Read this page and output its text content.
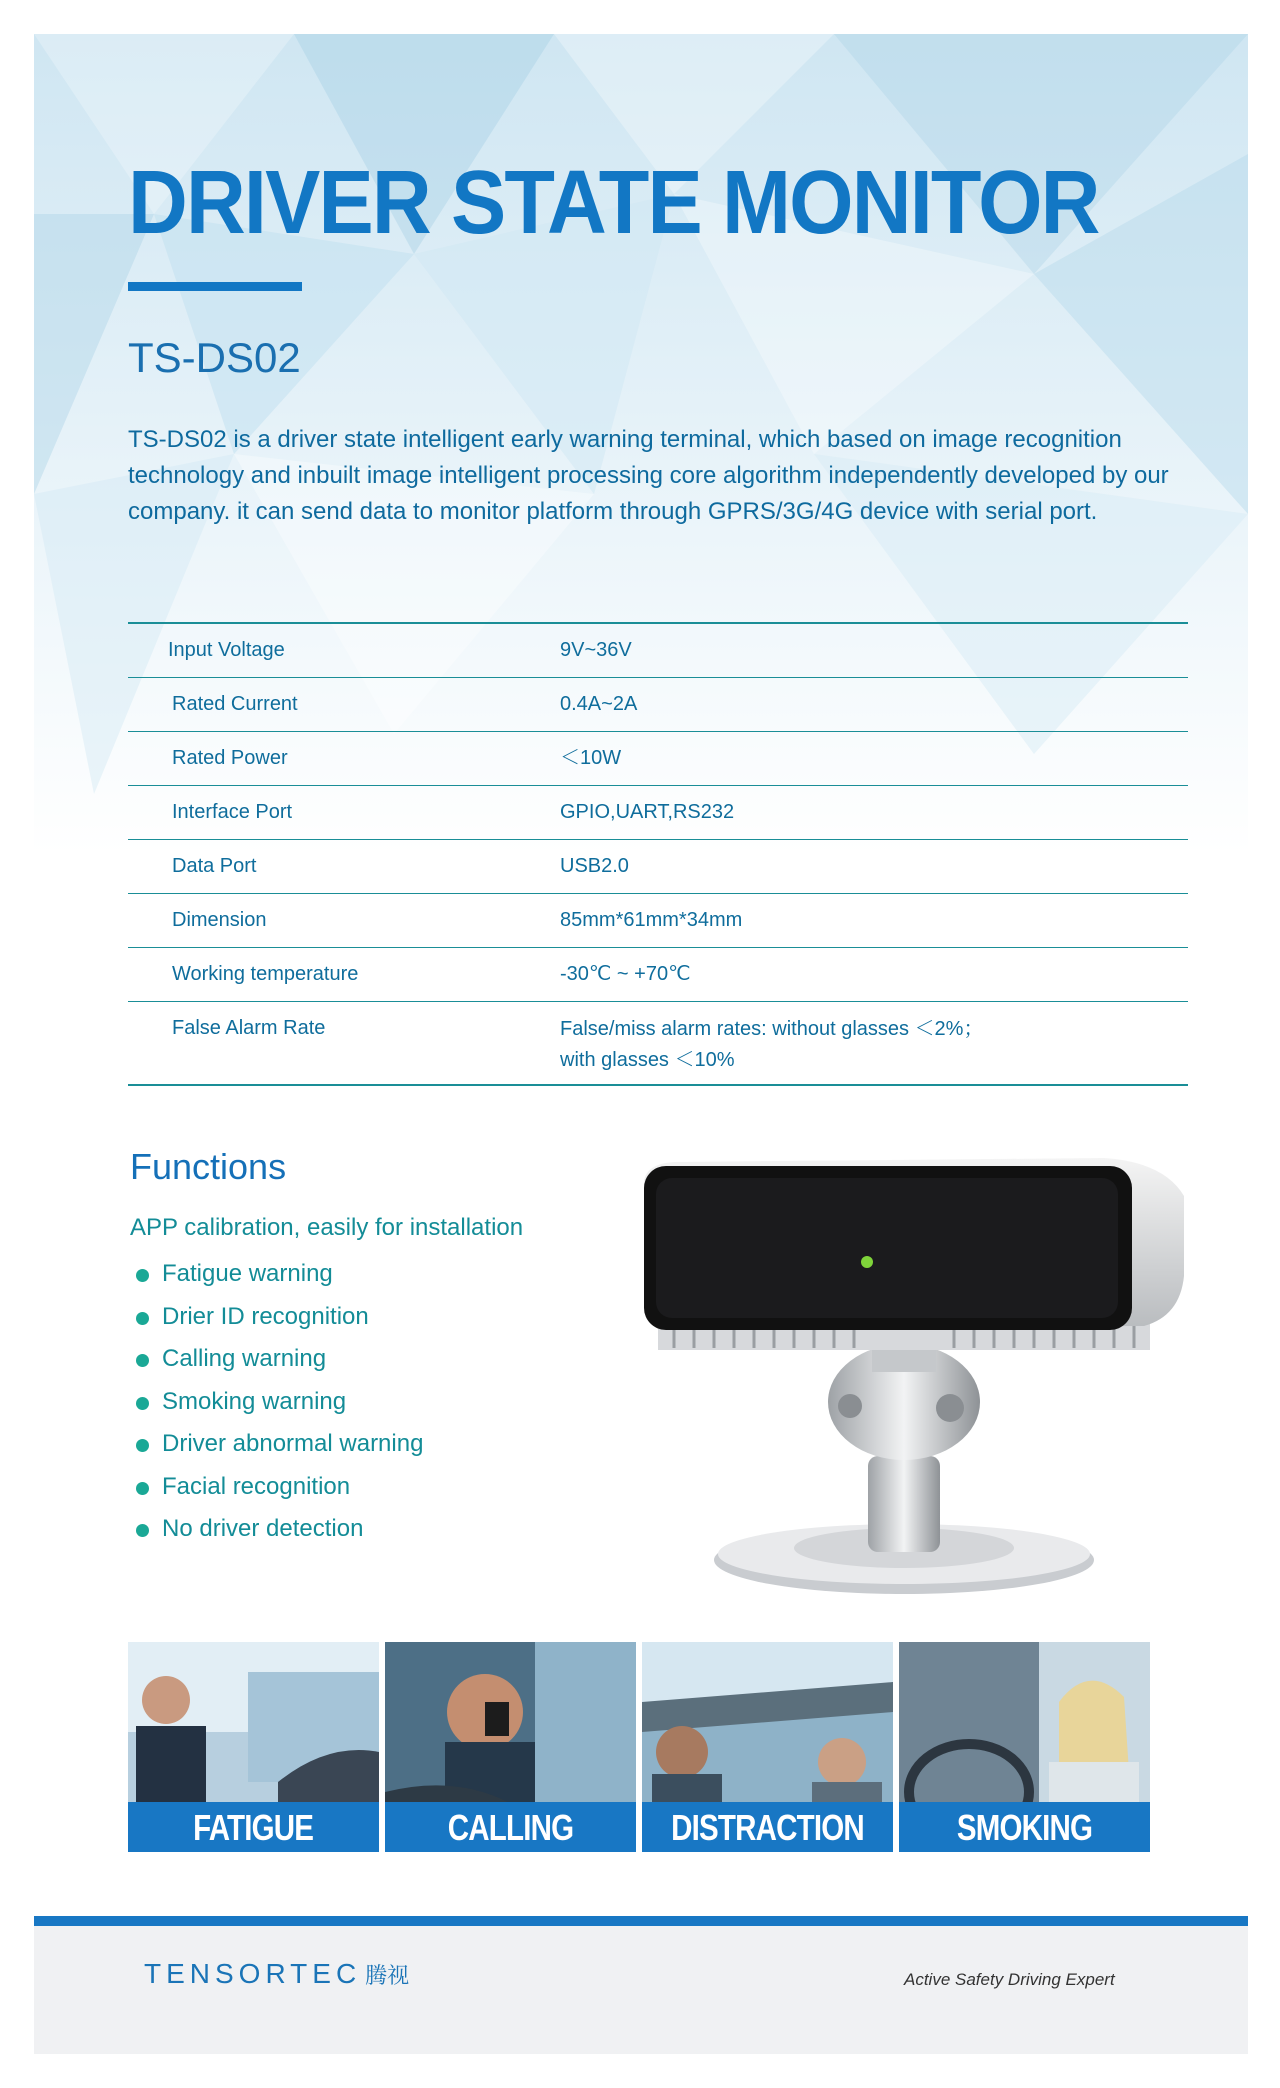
DRIVER STATE MONITOR
TS-DS02
TS-DS02 is a driver state intelligent early warning terminal, which based on image recognition technology and inbuilt image intelligent processing core algorithm independently developed by our company. it can send data to monitor platform through GPRS/3G/4G device with serial port.
Input Voltage	9V~36V
Rated Current	0.4A~2A
Rated Power	＜10W
Interface Port	GPIO,UART,RS232
Data Port	USB2.0
Dimension	85mm*61mm*34mm
Working temperature	-30℃ ~ +70℃
False Alarm Rate	False/miss alarm rates: without glasses ＜2%；
with glasses ＜10%
Functions
APP calibration, easily for installation
Fatigue warning
Drier ID recognition
Calling warning
Smoking warning
Driver abnormal warning
Facial recognition
No driver detection
FATIGUE	CALLING	DISTRACTION	SMOKING
TENSORTEC 腾视	Active Safety Driving Expert
